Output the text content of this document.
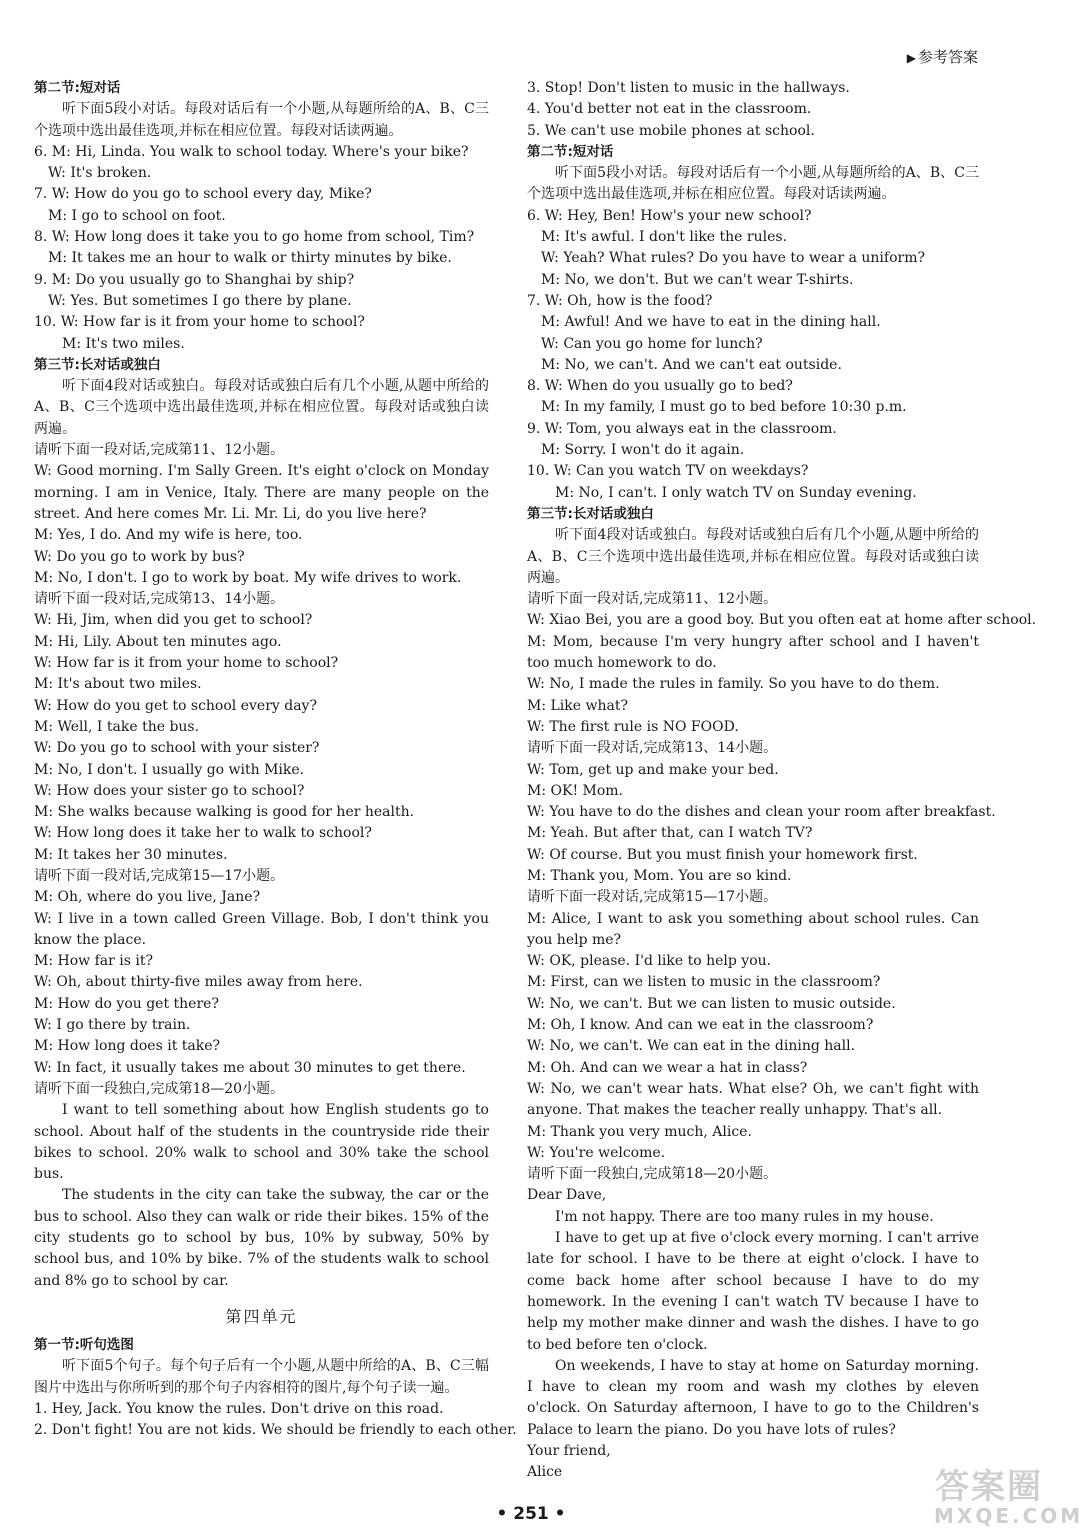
▶ 参考答案
第二节:短对话
听下面5段小对话。每段对话后有一个小题,从每题所给的A、B、C三个选项中选出最佳选项,并标在相应位置。每段对话读两遍。
6. M: Hi, Linda. You walk to school today. Where's your bike?
W: It's broken.
7. W: How do you go to school every day, Mike?
M: I go to school on foot.
8. W: How long does it take you to go home from school, Tim?
M: It takes me an hour to walk or thirty minutes by bike.
9. M: Do you usually go to Shanghai by ship?
W: Yes. But sometimes I go there by plane.
10. W: How far is it from your home to school?
M: It's two miles.
第三节:长对话或独白
听下面4段对话或独白。每段对话或独白后有几个小题,从题中所给的A、B、C三个选项中选出最佳选项,并标在相应位置。每段对话或独白读两遍。
请听下面一段对话,完成第11、12小题。
W: Good morning. I'm Sally Green. It's eight o'clock on Monday morning. I am in Venice, Italy. There are many people on the street. And here comes Mr. Li. Mr. Li, do you live here?
M: Yes, I do. And my wife is here, too.
W: Do you go to work by bus?
M: No, I don't. I go to work by boat. My wife drives to work.
请听下面一段对话,完成第13、14小题。
W: Hi, Jim, when did you get to school?
M: Hi, Lily. About ten minutes ago.
W: How far is it from your home to school?
M: It's about two miles.
W: How do you get to school every day?
M: Well, I take the bus.
W: Do you go to school with your sister?
M: No, I don't. I usually go with Mike.
W: How does your sister go to school?
M: She walks because walking is good for her health.
W: How long does it take her to walk to school?
M: It takes her 30 minutes.
请听下面一段对话,完成第15—17小题。
M: Oh, where do you live, Jane?
W: I live in a town called Green Village. Bob, I don't think you know the place.
M: How far is it?
W: Oh, about thirty-five miles away from here.
M: How do you get there?
W: I go there by train.
M: How long does it take?
W: In fact, it usually takes me about 30 minutes to get there.
请听下面一段独白,完成第18—20小题。
I want to tell something about how English students go to school. About half of the students in the countryside ride their bikes to school. 20% walk to school and 30% take the school bus.
The students in the city can take the subway, the car or the bus to school. Also they can walk or ride their bikes. 15% of the city students go to school by bus, 10% by subway, 50% by school bus, and 10% by bike. 7% of the students walk to school and 8% go to school by car.
第四单元
第一节:听句选图
听下面5个句子。每个句子后有一个小题,从题中所给的A、B、C三幅图片中选出与你所听到的那个句子内容相符的图片,每个句子读一遍。
1. Hey, Jack. You know the rules. Don't drive on this road.
2. Don't fight! You are not kids. We should be friendly to each other.
3. Stop! Don't listen to music in the hallways.
4. You'd better not eat in the classroom.
5. We can't use mobile phones at school.
第二节:短对话
听下面5段小对话。每段对话后有一个小题,从每题所给的A、B、C三个选项中选出最佳选项,并标在相应位置。每段对话读两遍。
6. W: Hey, Ben! How's your new school?
M: It's awful. I don't like the rules.
W: Yeah? What rules? Do you have to wear a uniform?
M: No, we don't. But we can't wear T-shirts.
7. W: Oh, how is the food?
M: Awful! And we have to eat in the dining hall.
W: Can you go home for lunch?
M: No, we can't. And we can't eat outside.
8. W: When do you usually go to bed?
M: In my family, I must go to bed before 10:30 p.m.
9. W: Tom, you always eat in the classroom.
M: Sorry. I won't do it again.
10. W: Can you watch TV on weekdays?
M: No, I can't. I only watch TV on Sunday evening.
第三节:长对话或独白
听下面4段对话或独白。每段对话或独白后有几个小题,从题中所给的A、B、C三个选项中选出最佳选项,并标在相应位置。每段对话或独白读两遍。
请听下面一段对话,完成第11、12小题。
W: Xiao Bei, you are a good boy. But you often eat at home after school.
M: Mom, because I'm very hungry after school and I haven't too much homework to do.
W: No, I made the rules in family. So you have to do them.
M: Like what?
W: The first rule is NO FOOD.
请听下面一段对话,完成第13、14小题。
W: Tom, get up and make your bed.
M: OK! Mom.
W: You have to do the dishes and clean your room after breakfast.
M: Yeah. But after that, can I watch TV?
W: Of course. But you must finish your homework first.
M: Thank you, Mom. You are so kind.
请听下面一段对话,完成第15—17小题。
M: Alice, I want to ask you something about school rules. Can you help me?
W: OK, please. I'd like to help you.
M: First, can we listen to music in the classroom?
W: No, we can't. But we can listen to music outside.
M: Oh, I know. And can we eat in the classroom?
W: No, we can't. We can eat in the dining hall.
M: Oh. And can we wear a hat in class?
W: No, we can't wear hats. What else? Oh, we can't fight with anyone. That makes the teacher really unhappy. That's all.
M: Thank you very much, Alice.
W: You're welcome.
请听下面一段独白,完成第18—20小题。
Dear Dave,
I'm not happy. There are too many rules in my house.
I have to get up at five o'clock every morning. I can't arrive late for school. I have to be there at eight o'clock. I have to come back home after school because I have to do my homework. In the evening I can't watch TV because I have to help my mother make dinner and wash the dishes. I have to go to bed before ten o'clock.
On weekends, I have to stay at home on Saturday morning. I have to clean my room and wash my clothes by eleven o'clock. On Saturday afternoon, I have to go to the Children's Palace to learn the piano. Do you have lots of rules?
Your friend,
Alice
• 251 •
答案圈
MXQE.COM
